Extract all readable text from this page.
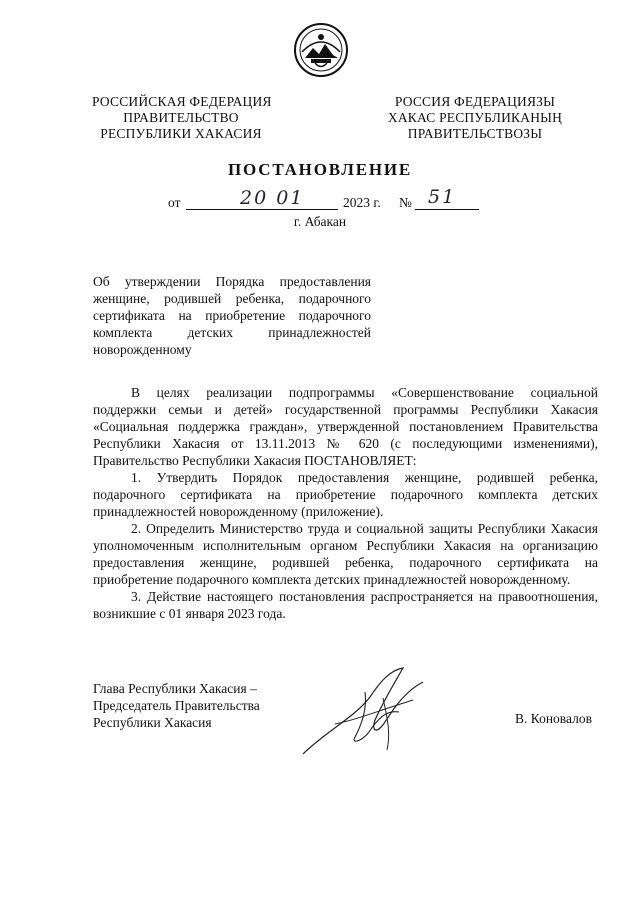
РОССИЙСКАЯ ФЕДЕРАЦИЯ
ПРАВИТЕЛЬСТВО
РЕСПУБЛИКИ ХАКАСИЯ
РОССИЯ ФЕДЕРАЦИЯЗЫ
ХАКАС РЕСПУБЛИКАНЫҢ
ПРАВИТЕЛЬСТВОЗЫ
ПОСТАНОВЛЕНИЕ
от	20 01	2023 г. № 51
г. Абакан
Об утверждении Порядка предоставления женщине, родившей ребенка, подарочного сертификата на приобретение подарочного комплекта детских принадлежностей новорожденному

В целях реализации подпрограммы «Совершенствование социальной поддержки семьи и детей» государственной программы Республики Хакасия «Социальная поддержка граждан», утвержденной постановлением Правительства Республики Хакасия от 13.11.2013 № 620 (с последующими изменениями), Правительство Республики Хакасия ПОСТАНОВЛЯЕТ:

1. Утвердить Порядок предоставления женщине, родившей ребенка, подарочного сертификата на приобретение подарочного комплекта детских принадлежностей новорожденному (приложение).

2. Определить Министерство труда и социальной защиты Республики Хакасия уполномоченным исполнительным органом Республики Хакасия на организацию предоставления женщине, родившей ребенка, подарочного сертификата на приобретение подарочного комплекта детских принадлежностей новорожденному.

3. Действие настоящего постановления распространяется на правоотношения, возникшие с 01 января 2023 года.

Глава Республики Хакасия –
Председатель Правительства
Республики Хакасия	В. Коновалов
